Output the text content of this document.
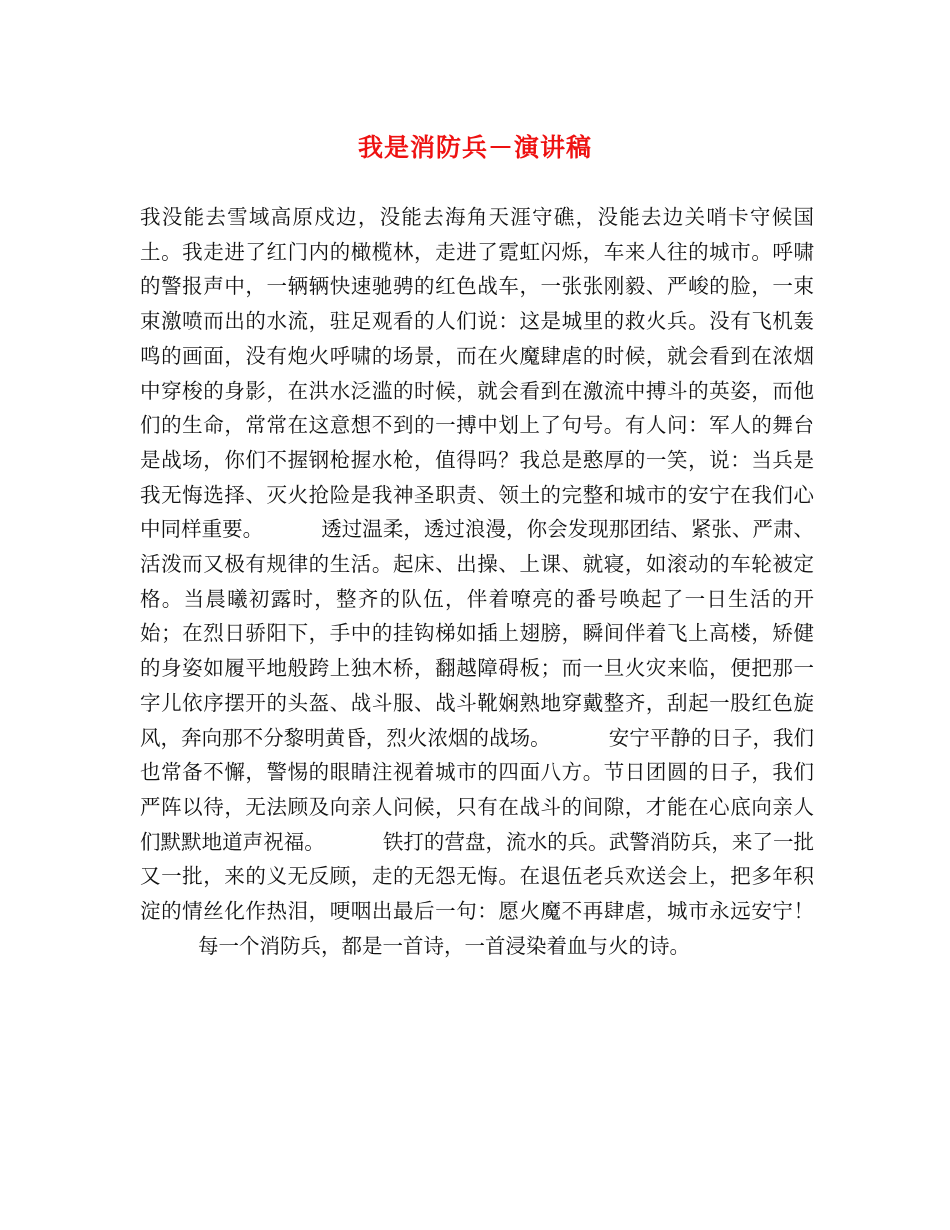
我是消防兵－演讲稿

我没能去雪域高原戍边，没能去海角天涯守礁，没能去边关哨卡守候国土。我走进了红门内的橄榄林，走进了霓虹闪烁，车来人往的城市。呼啸的警报声中，一辆辆快速驰骋的红色战车，一张张刚毅、严峻的脸，一束束激喷而出的水流，驻足观看的人们说：这是城里的救火兵。没有飞机轰鸣的画面，没有炮火呼啸的场景，而在火魔肆虐的时候，就会看到在浓烟中穿梭的身影，在洪水泛滥的时候，就会看到在激流中搏斗的英姿，而他们的生命，常常在这意想不到的一搏中划上了句号。有人问：军人的舞台是战场，你们不握钢枪握水枪，值得吗？我总是憨厚的一笑，说：当兵是我无悔选择、灭火抢险是我神圣职责、领土的完整和城市的安宁在我们心中同样重要。	透过温柔，透过浪漫，你会发现那团结、紧张、严肃、活泼而又极有规律的生活。起床、出操、上课、就寝，如滚动的车轮被定格。当晨曦初露时，整齐的队伍，伴着嘹亮的番号唤起了一日生活的开始；在烈日骄阳下，手中的挂钩梯如插上翅膀，瞬间伴着飞上高楼，矫健的身姿如履平地般跨上独木桥，翻越障碍板；而一旦火灾来临，便把那一字儿依序摆开的头盔、战斗服、战斗靴娴熟地穿戴整齐，刮起一股红色旋风，奔向那不分黎明黄昏，烈火浓烟的战场。	安宁平静的日子，我们也常备不懈，警惕的眼睛注视着城市的四面八方。节日团圆的日子，我们严阵以待，无法顾及向亲人问候，只有在战斗的间隙，才能在心底向亲人们默默地道声祝福。	铁打的营盘，流水的兵。武警消防兵，来了一批又一批，来的义无反顾，走的无怨无悔。在退伍老兵欢送会上，把多年积淀的情丝化作热泪，哽咽出最后一句：愿火魔不再肆虐，城市永远安宁！每一个消防兵，都是一首诗，一首浸染着血与火的诗。
